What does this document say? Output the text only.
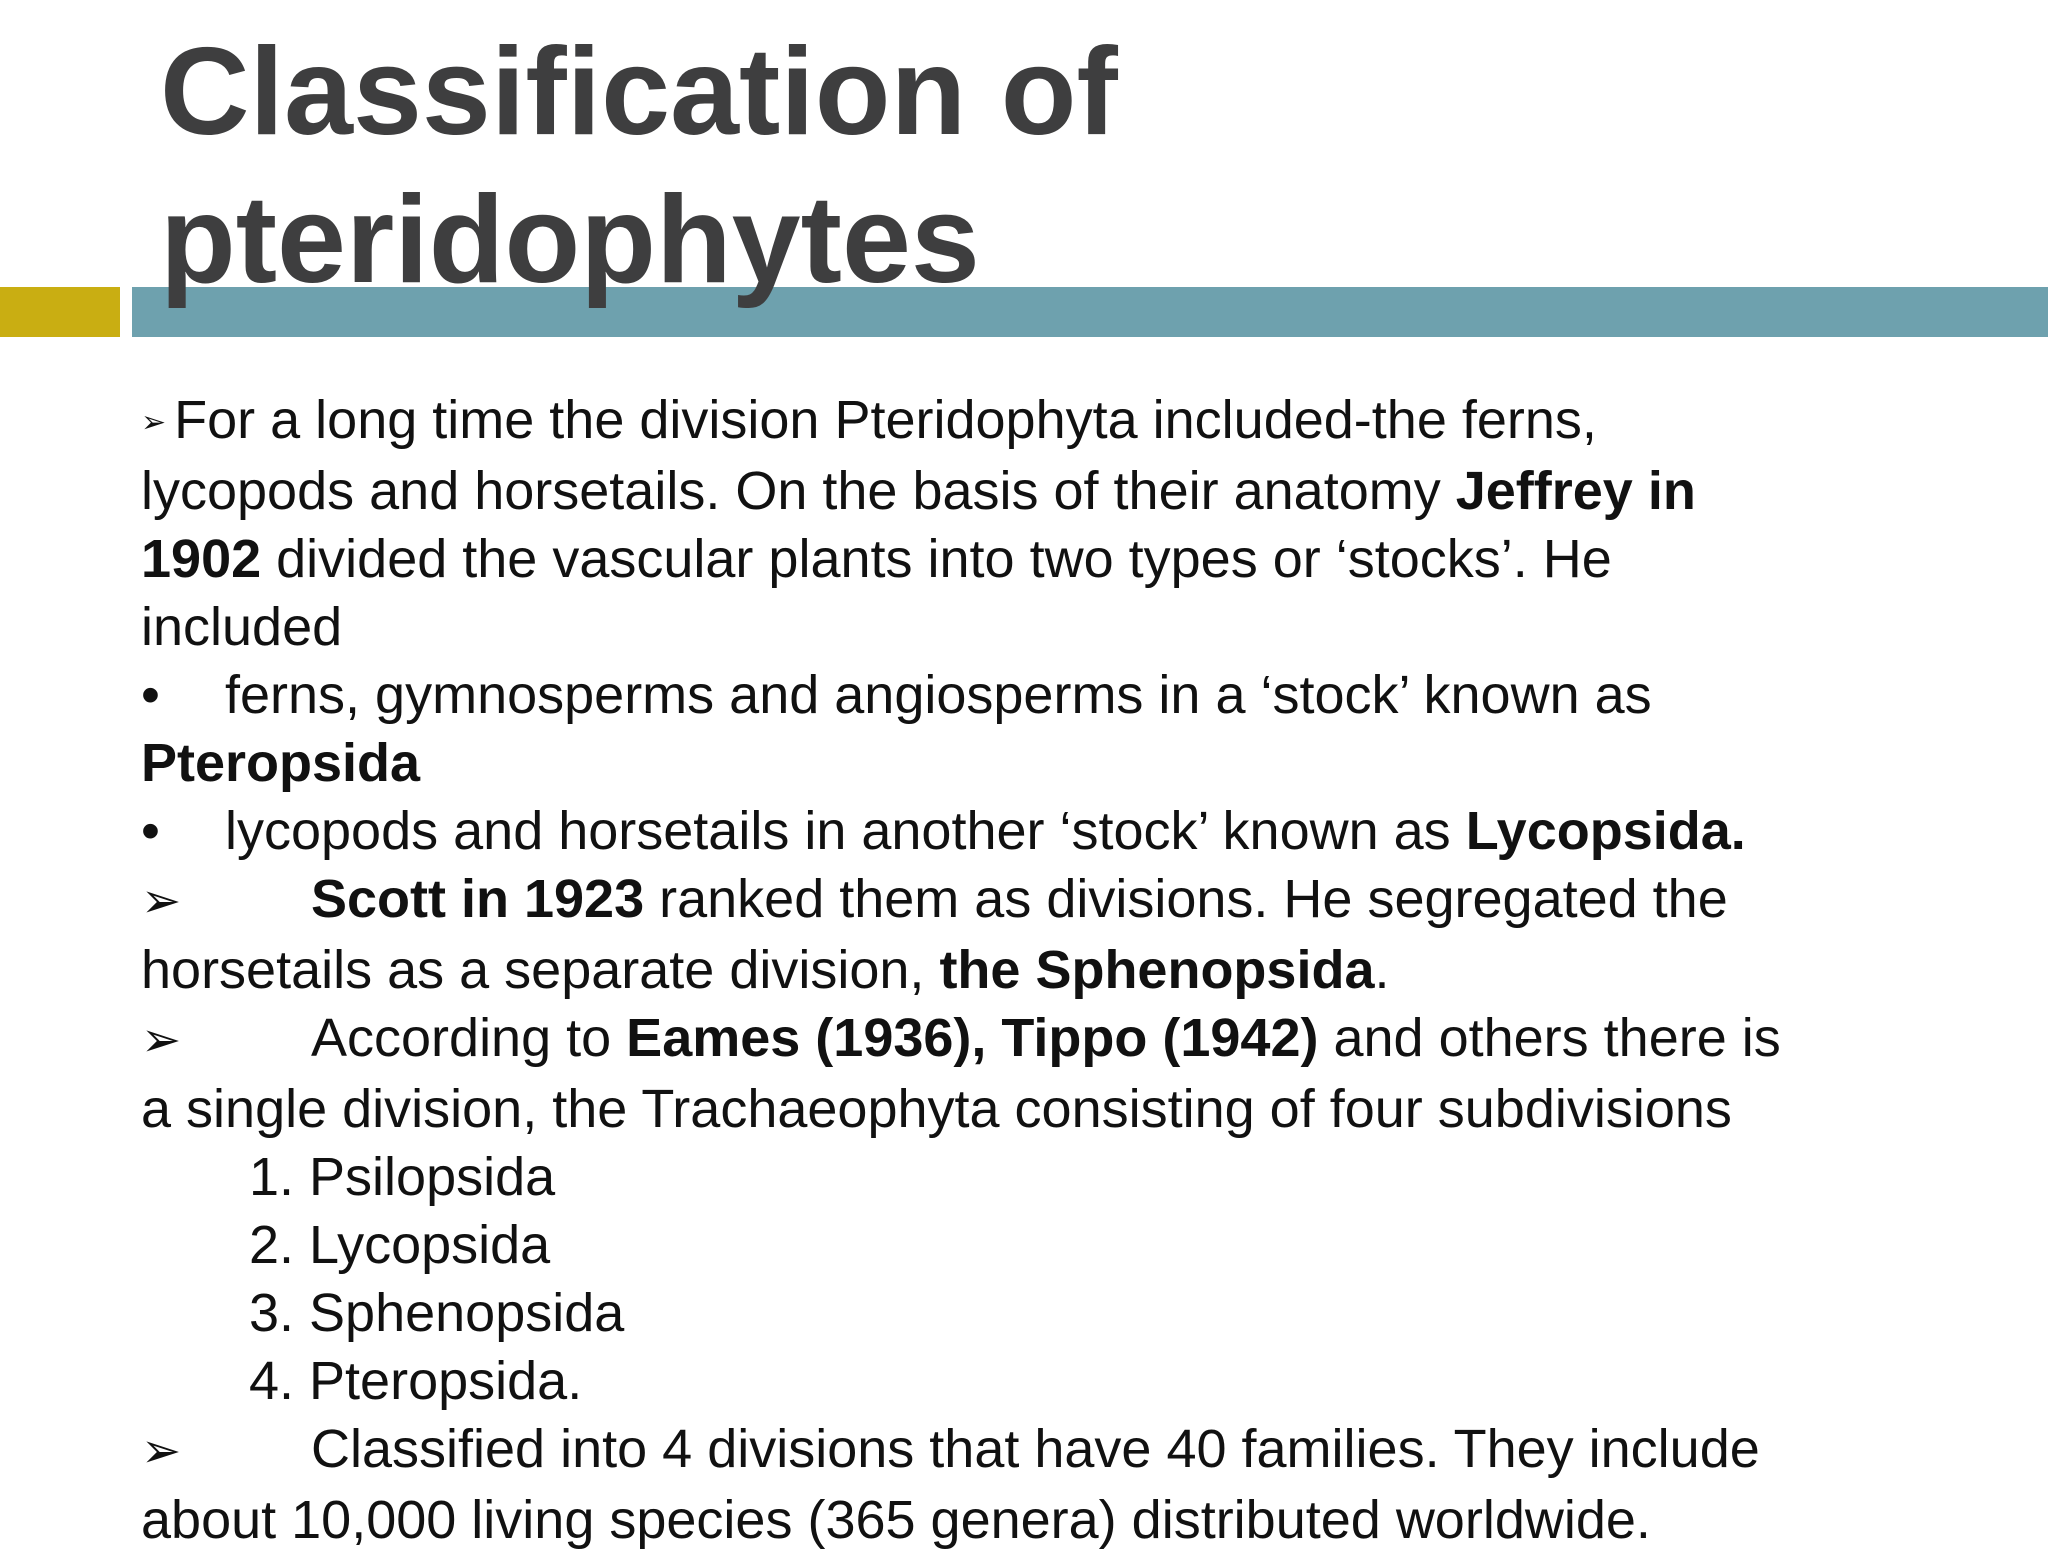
Classification of
pteridophytes

➢ For a long time the division Pteridophyta included-the ferns,

lycopods and horsetails. On the basis of their anatomy Jeffrey in

1902 divided the vascular plants into two types or ‘stocks’. He

included

• ferns, gymnosperms and angiosperms in a ‘stock’ known as

Pteropsida

• lycopods and horsetails in another ‘stock’ known as Lycopsida.

➢ Scott in 1923 ranked them as divisions. He segregated the

horsetails as a separate division, the Sphenopsida.

➢ According to Eames (1936), Tippo (1942) and others there is

a single division, the Trachaeophyta consisting of four subdivisions

1. Psilopsida

2. Lycopsida

3. Sphenopsida

4. Pteropsida.

➢ Classified into 4 divisions that have 40 families. They include

about 10,000 living species (365 genera) distributed worldwide.
